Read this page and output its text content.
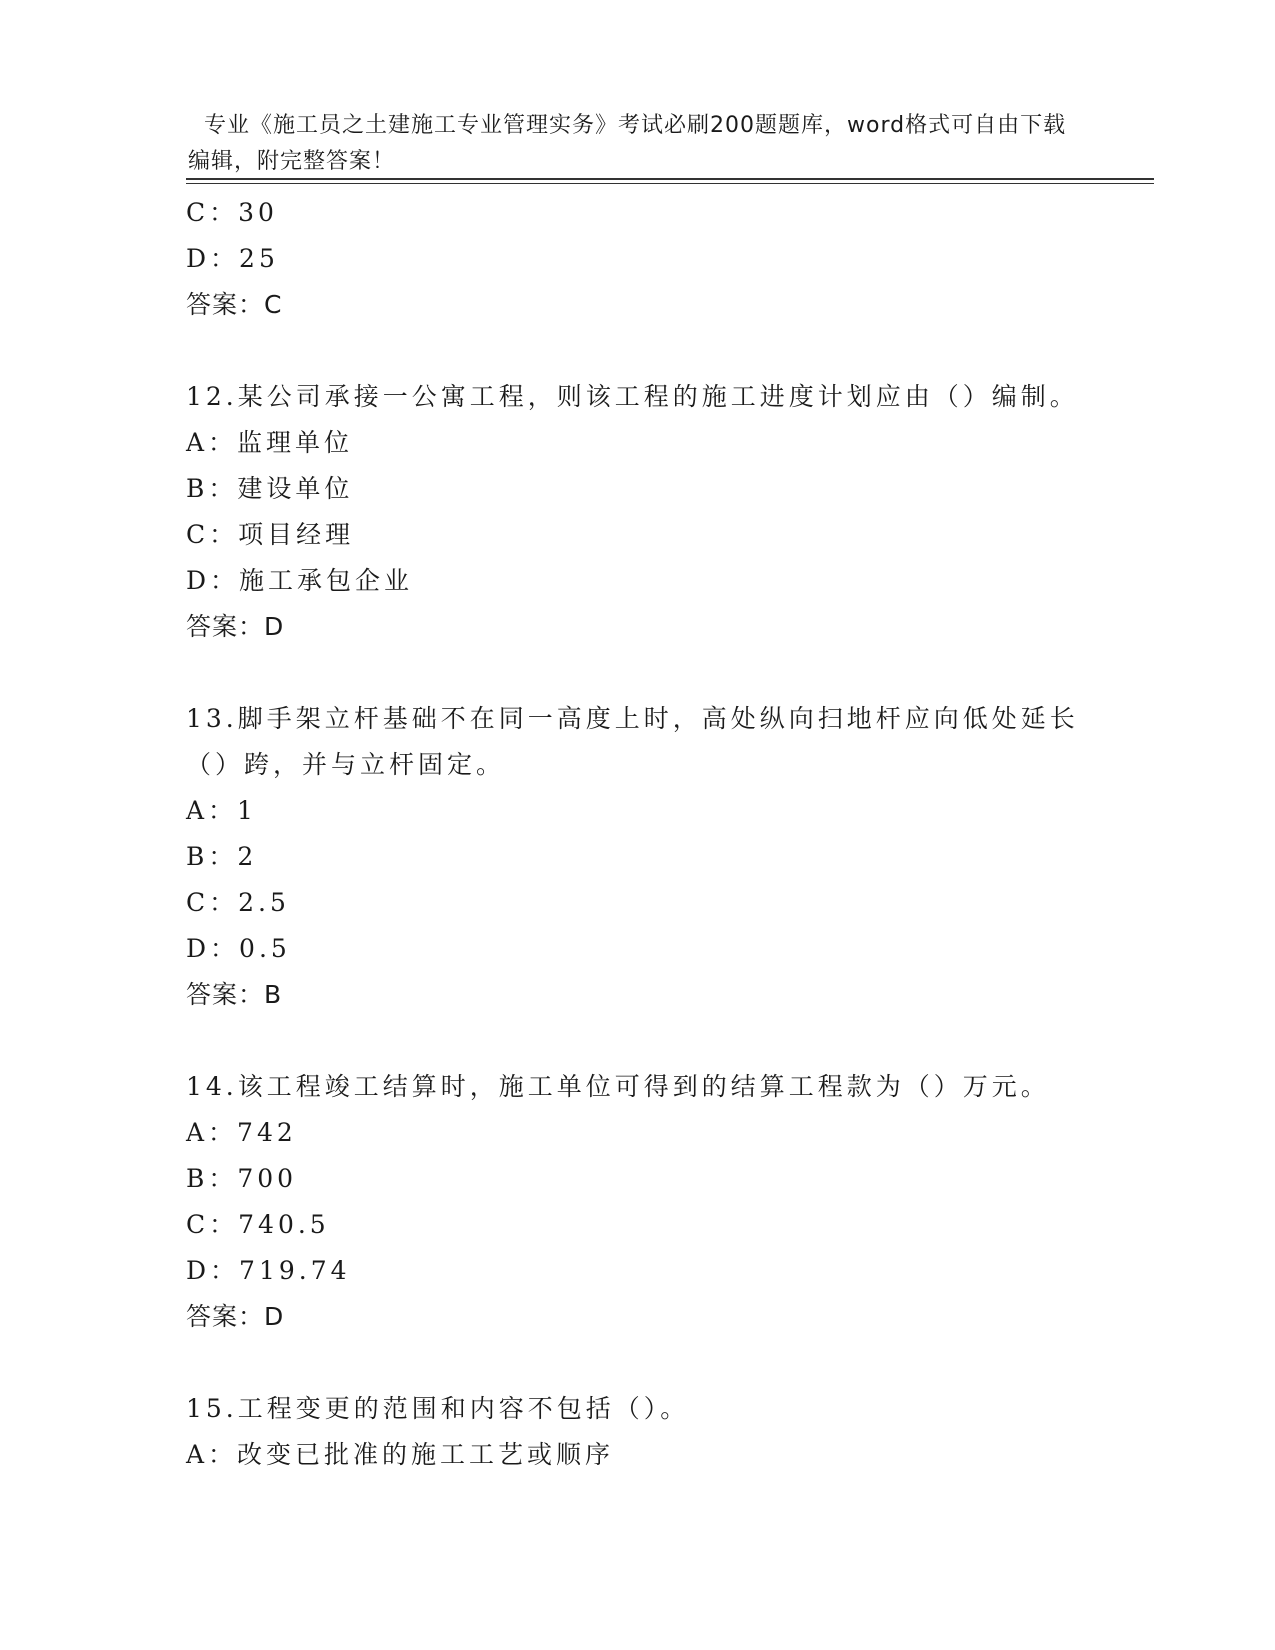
专业《施工员之土建施工专业管理实务》考试必刷200题题库，word格式可自由下载编辑，附完整答案！

C：30
D：25
答案：C
12.某公司承接一公寓工程，则该工程的施工进度计划应由（）编制。
A：监理单位
B：建设单位
C：项目经理
D：施工承包企业
答案：D
13.脚手架立杆基础不在同一高度上时，高处纵向扫地杆应向低处延长（）跨，并与立杆固定。
A：1
B：2
C：2.5
D：0.5
答案：B
14.该工程竣工结算时，施工单位可得到的结算工程款为（）万元。
A：742
B：700
C：740.5
D：719.74
答案：D
15.工程变更的范围和内容不包括（）。
A：改变已批准的施工工艺或顺序
